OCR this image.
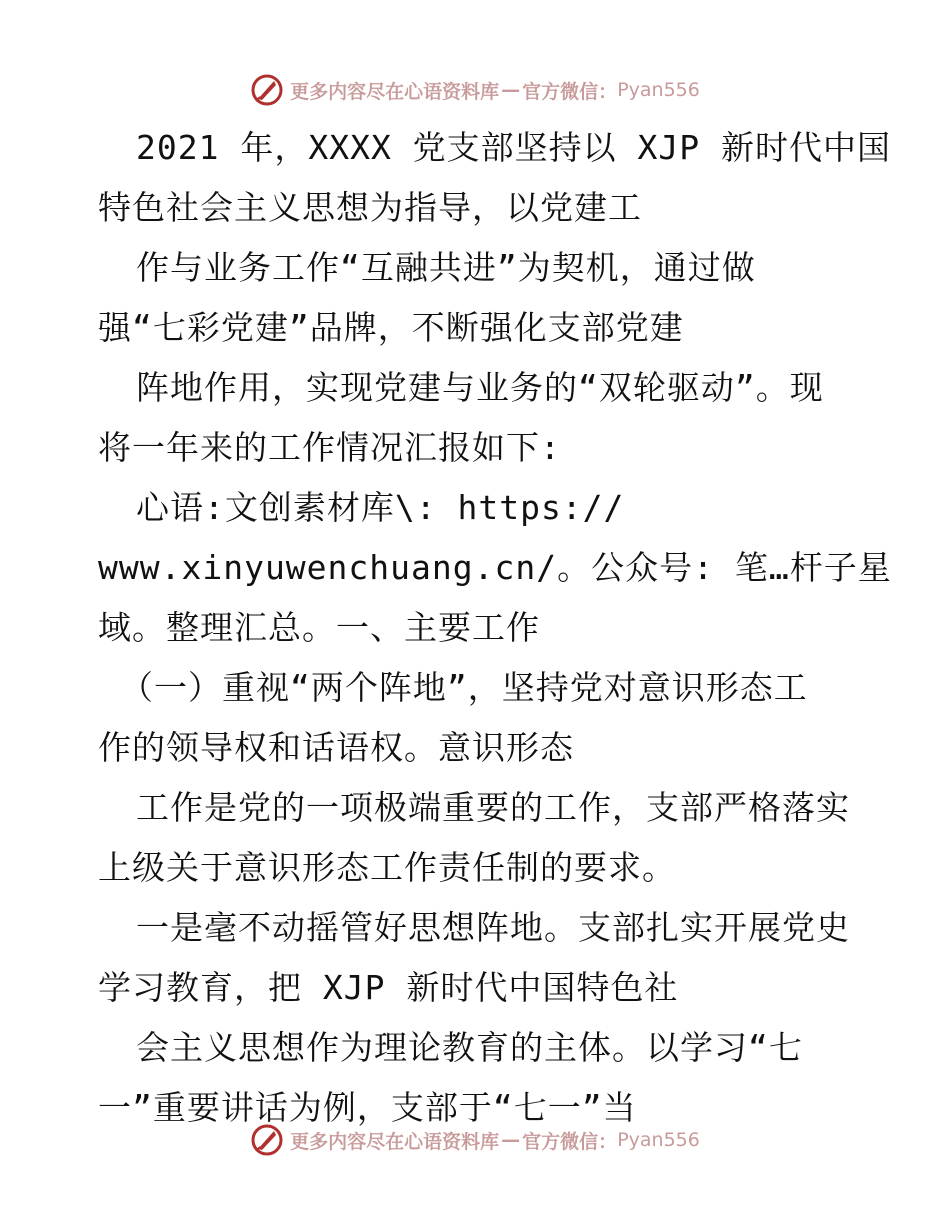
更多内容尽在心语资料库 — 官方微信： Pyan556
2021 年，XXXX 党支部坚持以 XJP 新时代中国
特色社会主义思想为指导，以党建工
作与业务工作“互融共进”为契机，通过做
强“七彩党建”品牌，不断强化支部党建
阵地作用，实现党建与业务的“双轮驱动”。现
将一年来的工作情况汇报如下:
心语:文创素材库\: https://
www.xinyuwenchuang.cn/。公众号: 笔…杆子星
域。整理汇总。一、主要工作
（一）重视“两个阵地”，坚持党对意识形态工
作的领导权和话语权。意识形态
工作是党的一项极端重要的工作，支部严格落实
上级关于意识形态工作责任制的要求。
一是毫不动摇管好思想阵地。支部扎实开展党史
学习教育，把 XJP 新时代中国特色社
会主义思想作为理论教育的主体。以学习“七
一”重要讲话为例，支部于“七一”当
更多内容尽在心语资料库 — 官方微信： Pyan556
